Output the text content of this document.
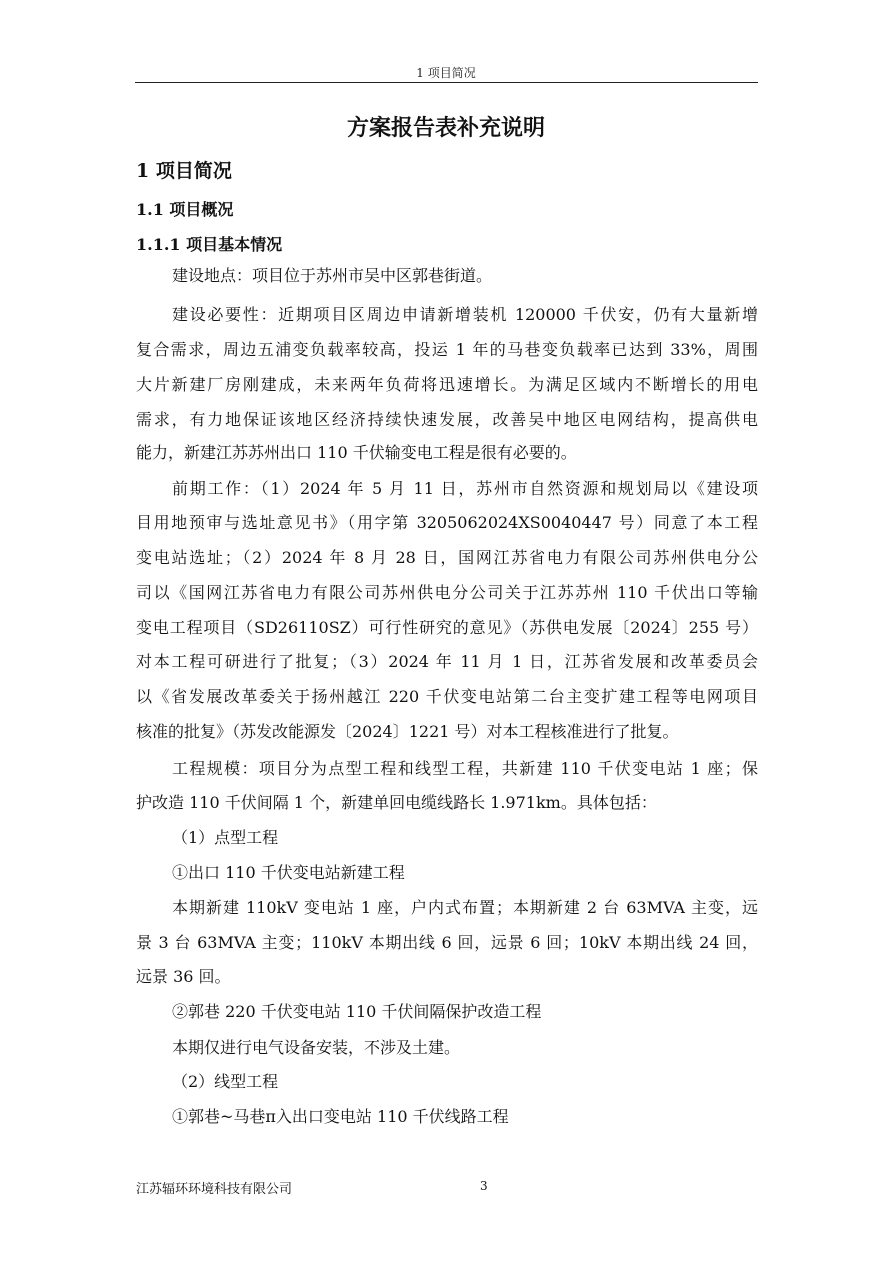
1 项目简况
方案报告表补充说明
1 项目简况
1.1 项目概况
1.1.1 项目基本情况
建设地点：项目位于苏州市吴中区郭巷街道。
建设必要性：近期项目区周边申请新增装机 120000 千伏安，仍有大量新增
复合需求，周边五浦变负载率较高，投运 1 年的马巷变负载率已达到 33%，周围
大片新建厂房刚建成，未来两年负荷将迅速增长。为满足区域内不断增长的用电
需求，有力地保证该地区经济持续快速发展，改善吴中地区电网结构，提高供电
能力，新建江苏苏州出口 110 千伏输变电工程是很有必要的。
前期工作：（1）2024 年 5 月 11 日，苏州市自然资源和规划局以《建设项
目用地预审与选址意见书》（用字第 3205062024XS0040447 号）同意了本工程
变电站选址；（2）2024 年 8 月 28 日，国网江苏省电力有限公司苏州供电分公
司以《国网江苏省电力有限公司苏州供电分公司关于江苏苏州 110 千伏出口等输
变电工程项目（SD26110SZ）可行性研究的意见》（苏供电发展〔2024〕255 号）
对本工程可研进行了批复；（3）2024 年 11 月 1 日，江苏省发展和改革委员会
以《省发展改革委关于扬州越江 220 千伏变电站第二台主变扩建工程等电网项目
核准的批复》（苏发改能源发〔2024〕1221 号）对本工程核准进行了批复。
工程规模：项目分为点型工程和线型工程，共新建 110 千伏变电站 1 座；保
护改造 110 千伏间隔 1 个，新建单回电缆线路长 1.971km。具体包括：
（1）点型工程
①出口 110 千伏变电站新建工程
本期新建 110kV 变电站 1 座，户内式布置；本期新建 2 台 63MVA 主变，远
景 3 台 63MVA 主变；110kV 本期出线 6 回，远景 6 回；10kV 本期出线 24 回，
远景 36 回。
②郭巷 220 千伏变电站 110 千伏间隔保护改造工程
本期仅进行电气设备安装，不涉及土建。
（2）线型工程
①郭巷~马巷π入出口变电站 110 千伏线路工程
江苏辐环环境科技有限公司	3
